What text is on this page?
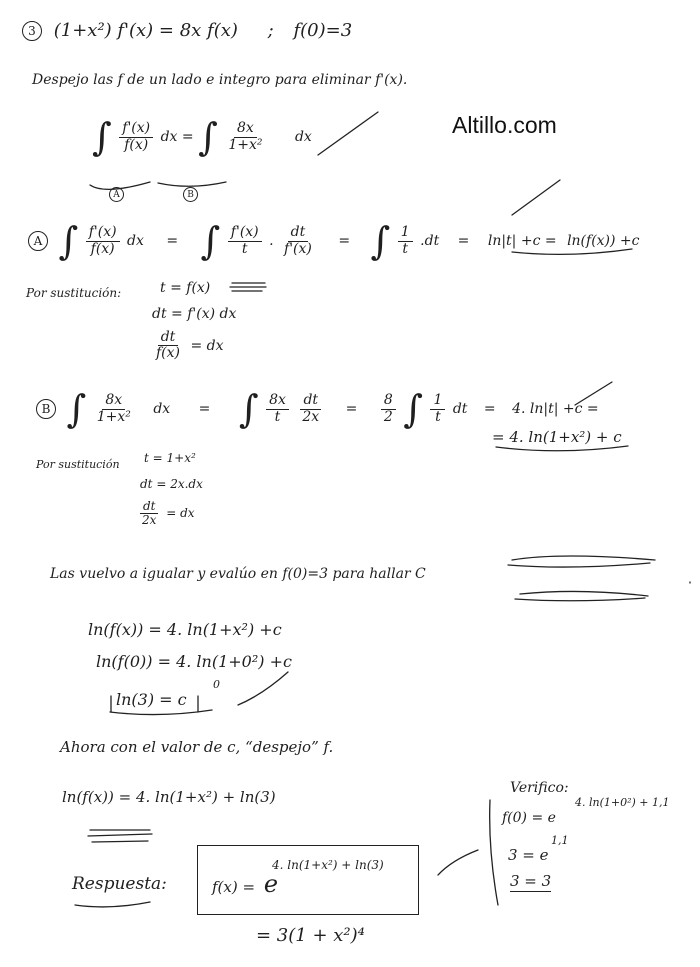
Altillo.com
3 (1+x²) f'(x) = 8x f(x) ; f(0)=3
Despejo las f de un lado e integro para eliminar f'(x).
∫ $\frac{f'(x)}{f(x)}$ dx = ∫ $\frac{8x}{\text{1+x²}}$ dx
A	B
A ∫ $\frac{f'(x)}{f(x)}$ dx = ∫ $\frac{f'(x)}{t}$ . $\frac{dt}{f'(x)}$ = ∫ $\frac{1}{t} .dt = \ln|t| +c = \ln(f(x)) +c$
Por sustitución:	t = f(x)
dt = f'(x) dx
$\frac{dt}{f(x)}$ = dx
B ∫ $\frac{8x}{\text{1+x²}}$ dx = ∫ $\frac{8x}{t}$
$\frac{dt}{2x} = \frac{8}{2}$ ∫ $\frac{1}{t}$ dt = 4. ln|t| +c =
= 4. ln(1+x²) + c
Por sustitución t = 1+x²
dt = 2x.dx
$\frac{dt}{2x}$ = dx
Las vuelvo a igualar y evalúo en f(0)=3 para hallar C
ln(f(x)) = 4. ln(1+x²) +c
ln(f(0)) = 4. ln(1+0²) +c
0
ln(3) = c
Ahora con el valor de c, “despejo” f.
ln(f(x)) = 4. ln(1+x²) + ln(3)
Respuesta:	f(x) = e
4. ln(1+x²) + ln(3)
= 3(1 + x²)⁴
Verifico:
f(0) = e
4. ln(1+0²) + 1,1
3 = e
1,1
3 = 3
